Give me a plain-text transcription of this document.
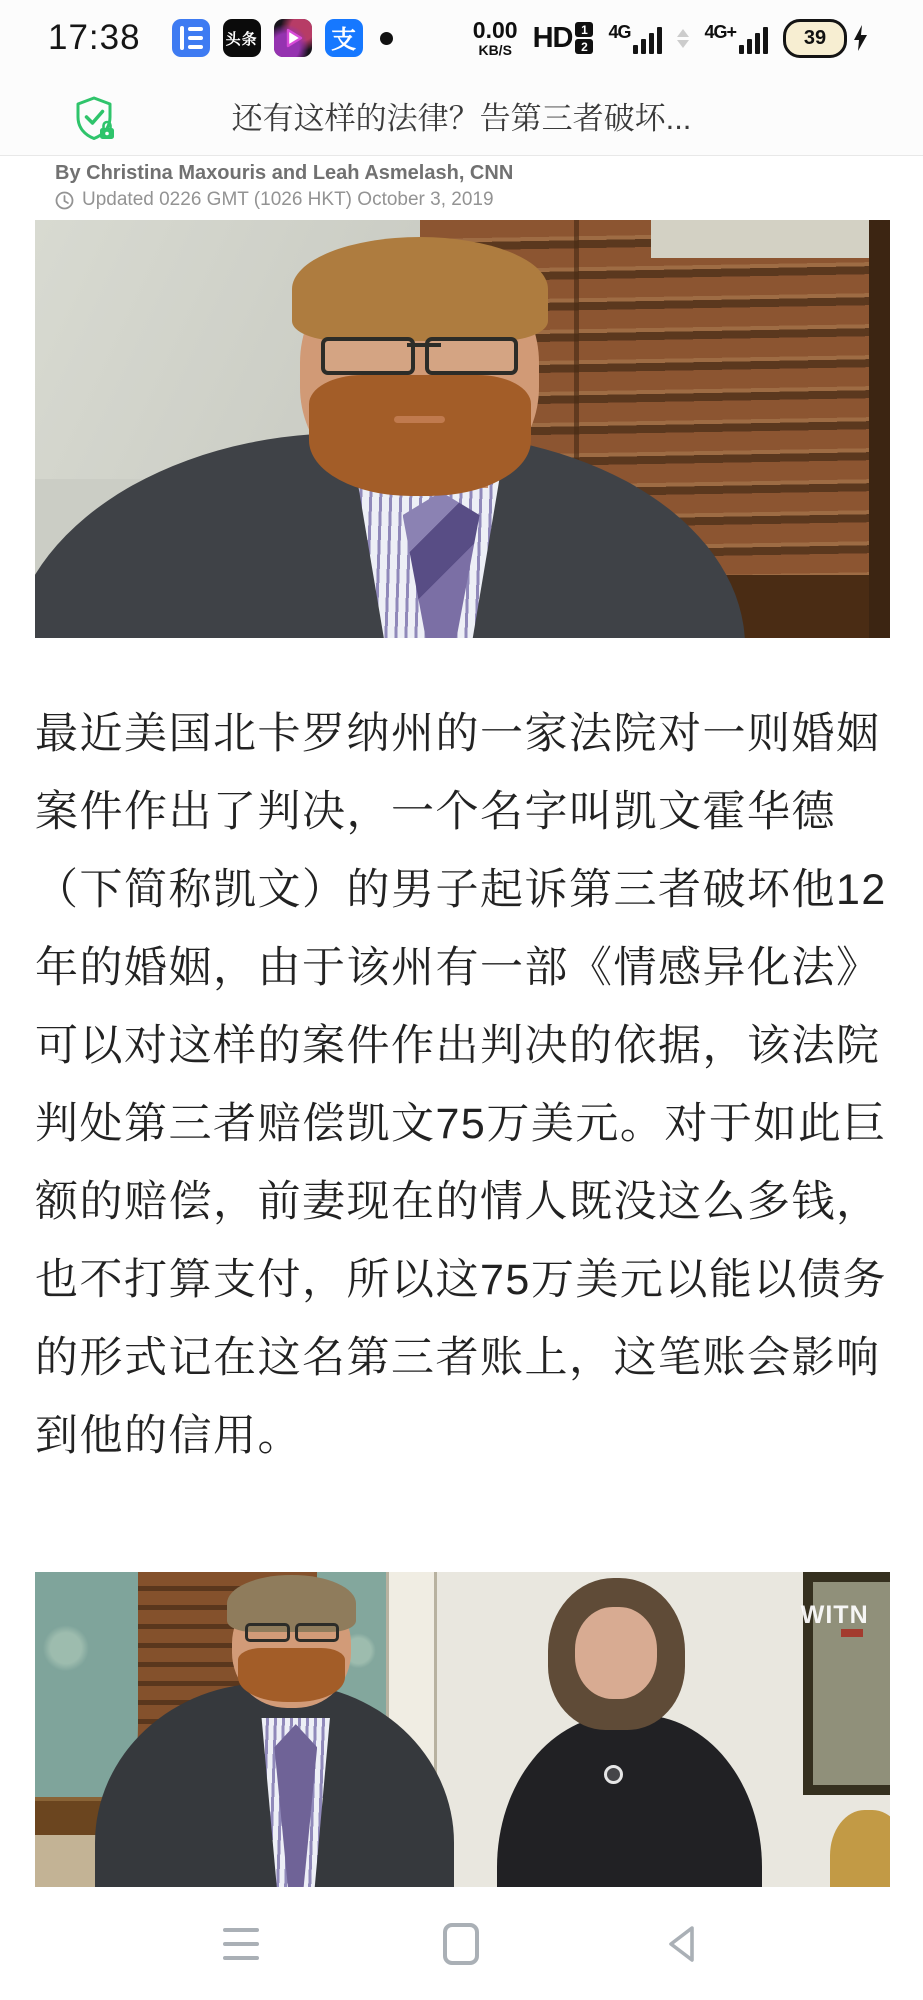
17:38	头条	支	0.00
KB/S HD 1
2
4G	4G+	39
还有这样的法律？告第三者破坏...
By Christina Maxouris and Leah Asmelash, CNN
Updated 0226 GMT (1026 HKT) October 3, 2019
最近美国北卡罗纳州的一家法院对一则婚姻案件作出了判决，一个名字叫凯文霍华德（下简称凯文）的男子起诉第三者破坏他12年的婚姻，由于该州有一部《情感异化法》可以对这样的案件作出判决的依据，该法院判处第三者赔偿凯文75万美元。对于如此巨额的赔偿，前妻现在的情人既没这么多钱，也不打算支付，所以这75万美元以能以债务的形式记在这名第三者账上，这笔账会影响到他的信用。
WITN
